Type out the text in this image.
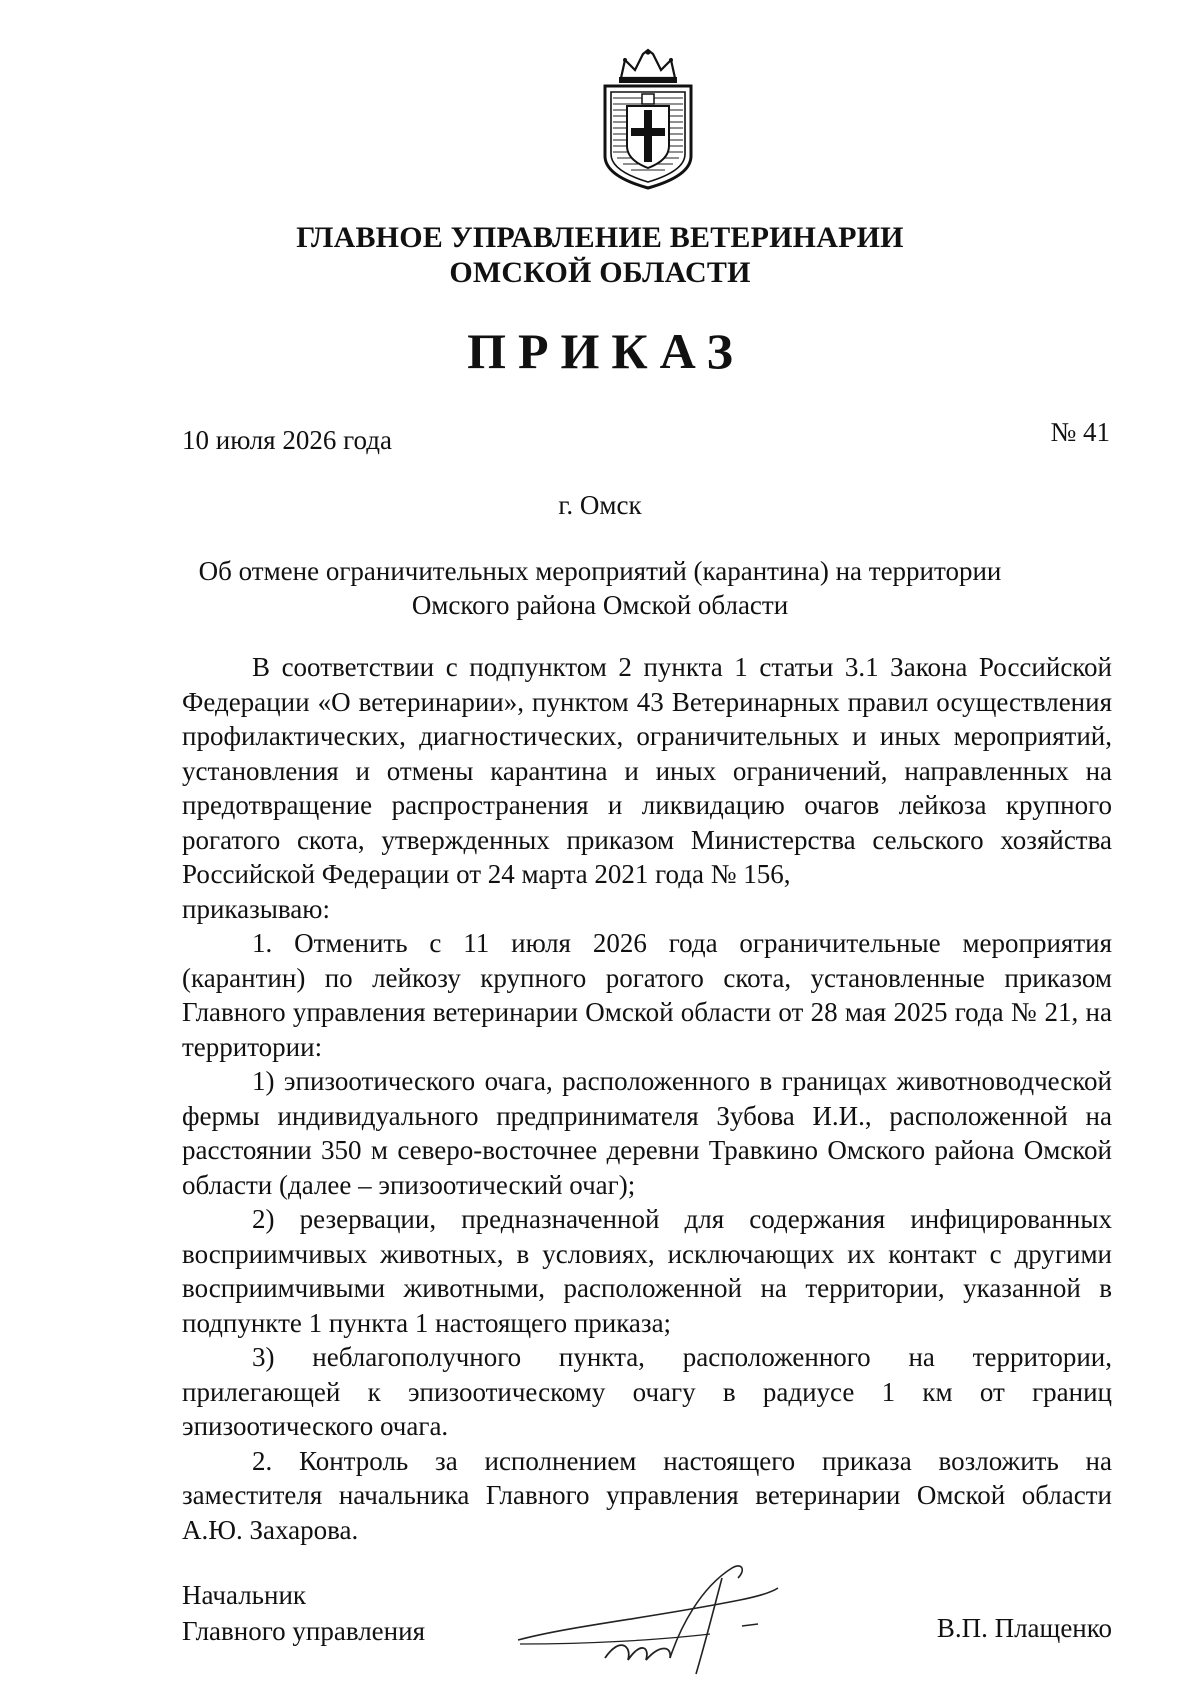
ГЛАВНОЕ УПРАВЛЕНИЕ ВЕТЕРИНАРИИ
ОМСКОЙ ОБЛАСТИ
ПРИКАЗ
10 июля 2026 года	№ 41
г. Омск
Об отмене ограничительных мероприятий (карантина) на территории
Омского района Омской области

В соответствии с подпунктом 2 пункта 1 статьи 3.1 Закона Российской Федерации «О ветеринарии», пунктом 43 Ветеринарных правил осуществления профилактических, диагностических, ограничительных и иных мероприятий, установления и отмены карантина и иных ограничений, направленных на предотвращение распространения и ликвидацию очагов лейкоза крупного рогатого скота, утвержденных приказом Министерства сельского хозяйства Российской Федерации от 24 марта 2021 года № 156,

приказываю:

1. Отменить с 11 июля 2026 года ограничительные мероприятия (карантин) по лейкозу крупного рогатого скота, установленные приказом Главного управления ветеринарии Омской области от 28 мая 2025 года № 21, на территории:

1) эпизоотического очага, расположенного в границах животноводческой фермы индивидуального предпринимателя Зубова И.И., расположенной на расстоянии 350 м северо-восточнее деревни Травкино Омского района Омской области (далее – эпизоотический очаг);

2) резервации, предназначенной для содержания инфицированных восприимчивых животных, в условиях, исключающих их контакт с другими восприимчивыми животными, расположенной на территории, указанной в подпункте 1 пункта 1 настоящего приказа;

3) неблагополучного пункта, расположенного на территории, прилегающей к эпизоотическому очагу в радиусе 1 км от границ эпизоотического очага.

2. Контроль за исполнением настоящего приказа возложить на заместителя начальника Главного управления ветеринарии Омской области А.Ю. Захарова.

Начальник
Главного управления	В.П. Плащенко
